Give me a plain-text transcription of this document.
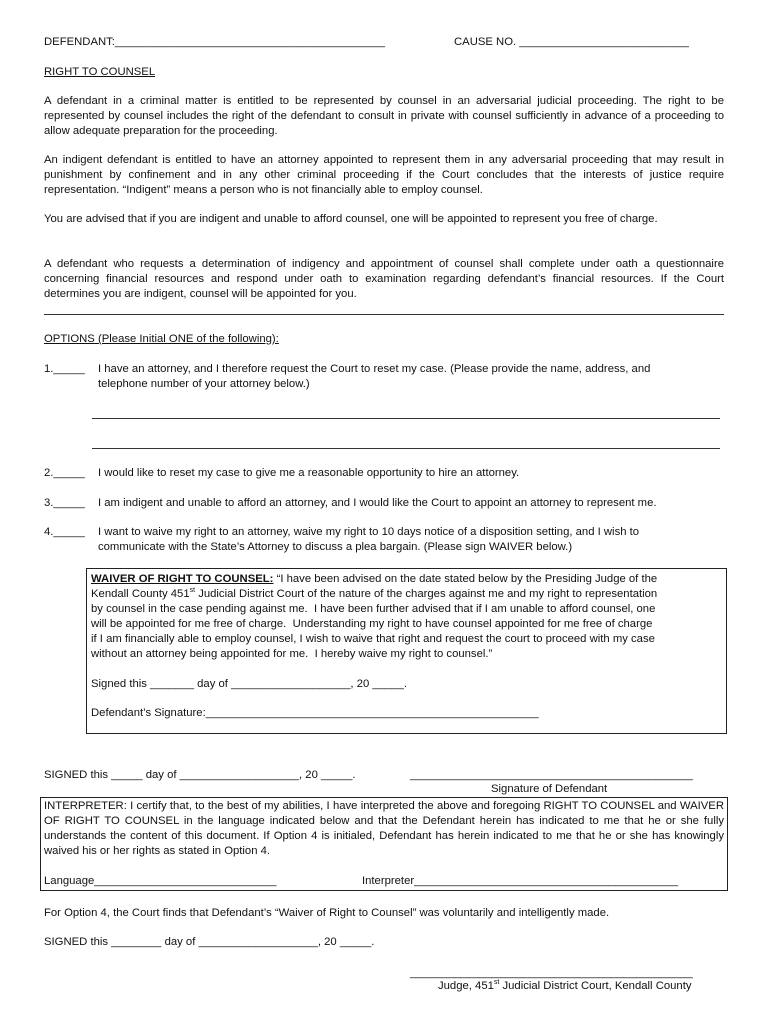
DEFENDANT:___________________________________________	CAUSE NO. ___________________________
RIGHT TO COUNSEL
A defendant in a criminal matter is entitled to be represented by counsel in an adversarial judicial proceeding. The right to be represented by counsel includes the right of the defendant to consult in private with counsel sufficiently in advance of a proceeding to allow adequate preparation for the proceeding.
An indigent defendant is entitled to have an attorney appointed to represent them in any adversarial proceeding that may result in punishment by confinement and in any other criminal proceeding if the Court concludes that the interests of justice require representation. “Indigent” means a person who is not financially able to employ counsel.
You are advised that if you are indigent and unable to afford counsel, one will be appointed to represent you free of charge.
A defendant who requests a determination of indigency and appointment of counsel shall complete under oath a questionnaire concerning financial resources and respond under oath to examination regarding defendant’s financial resources. If the Court determines you are indigent, counsel will be appointed for you.
OPTIONS (Please Initial ONE of the following):
1._____ I have an attorney, and I therefore request the Court to reset my case. (Please provide the name, address, and
telephone number of your attorney below.)
2._____ I would like to reset my case to give me a reasonable opportunity to hire an attorney.
3._____ I am indigent and unable to afford an attorney, and I would like the Court to appoint an attorney to represent me.
4._____ I want to waive my right to an attorney, waive my right to 10 days notice of a disposition setting, and I wish to
communicate with the State’s Attorney to discuss a plea bargain. (Please sign WAIVER below.)
WAIVER OF RIGHT TO COUNSEL: “I have been advised on the date stated below by the Presiding Judge of the
Kendall County 451st Judicial District Court of the nature of the charges against me and my right to representation
by counsel in the case pending against me.  I have been further advised that if I am unable to afford counsel, one
will be appointed for me free of charge.  Understanding my right to have counsel appointed for me free of charge
if I am financially able to employ counsel, I wish to waive that right and request the court to proceed with my case
without an attorney being appointed for me.  I hereby waive my right to counsel.”
Signed this _______ day of ___________________, 20 _____.
Defendant’s Signature:_____________________________________________________
SIGNED this _____ day of ___________________, 20 _____.	_____________________________________________
Signature of Defendant
INTERPRETER: I certify that, to the best of my abilities, I have interpreted the above and foregoing RIGHT TO COUNSEL and WAIVER OF RIGHT TO COUNSEL in the language indicated below and that the Defendant herein has indicated to me that he or she fully understands the content of this document. If Option 4 is initialed, Defendant has herein indicated to me that he or she has knowingly waived his or her rights as stated in Option 4.
Language_____________________________	Interpreter__________________________________________
For Option 4, the Court finds that Defendant’s “Waiver of Right to Counsel” was voluntarily and intelligently made.
SIGNED this ________ day of ___________________, 20 _____.
_____________________________________________
Judge, 451st Judicial District Court, Kendall County
